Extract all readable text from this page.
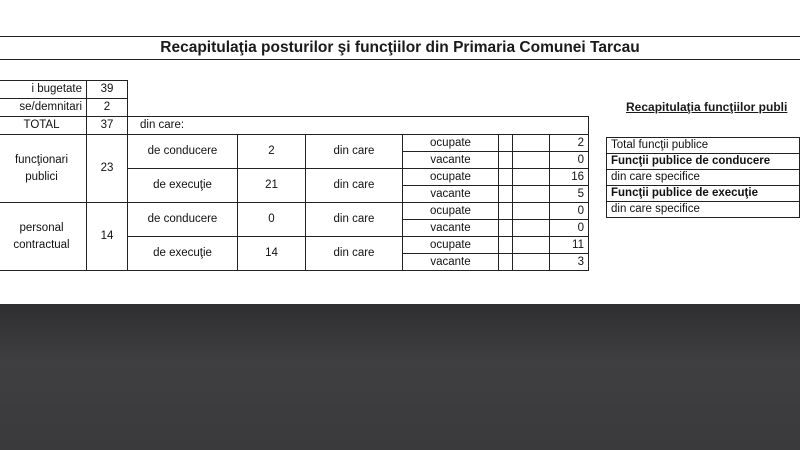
Recapitulaţia posturilor şi funcţiilor din Primaria Comunei Tarcau
i bugetate	39							
se/demnitari	2							
TOTAL	37	din care:						
funcţionari publici	23	de conducere	2	din care	ocupate			2
					vacante			0
		de execuţie	21	din care	ocupate			16
					vacante			5
personal contractual	14	de conducere	0	din care	ocupate			0
					vacante			0
		de execuţie	14	din care	ocupate			11
					vacante			3
Recapitulaţia funcţiilor publi
Total funcţii publice
Funcţii publice de conducere
din care specifice
Funcţii publice de execuţie
din care specifice
